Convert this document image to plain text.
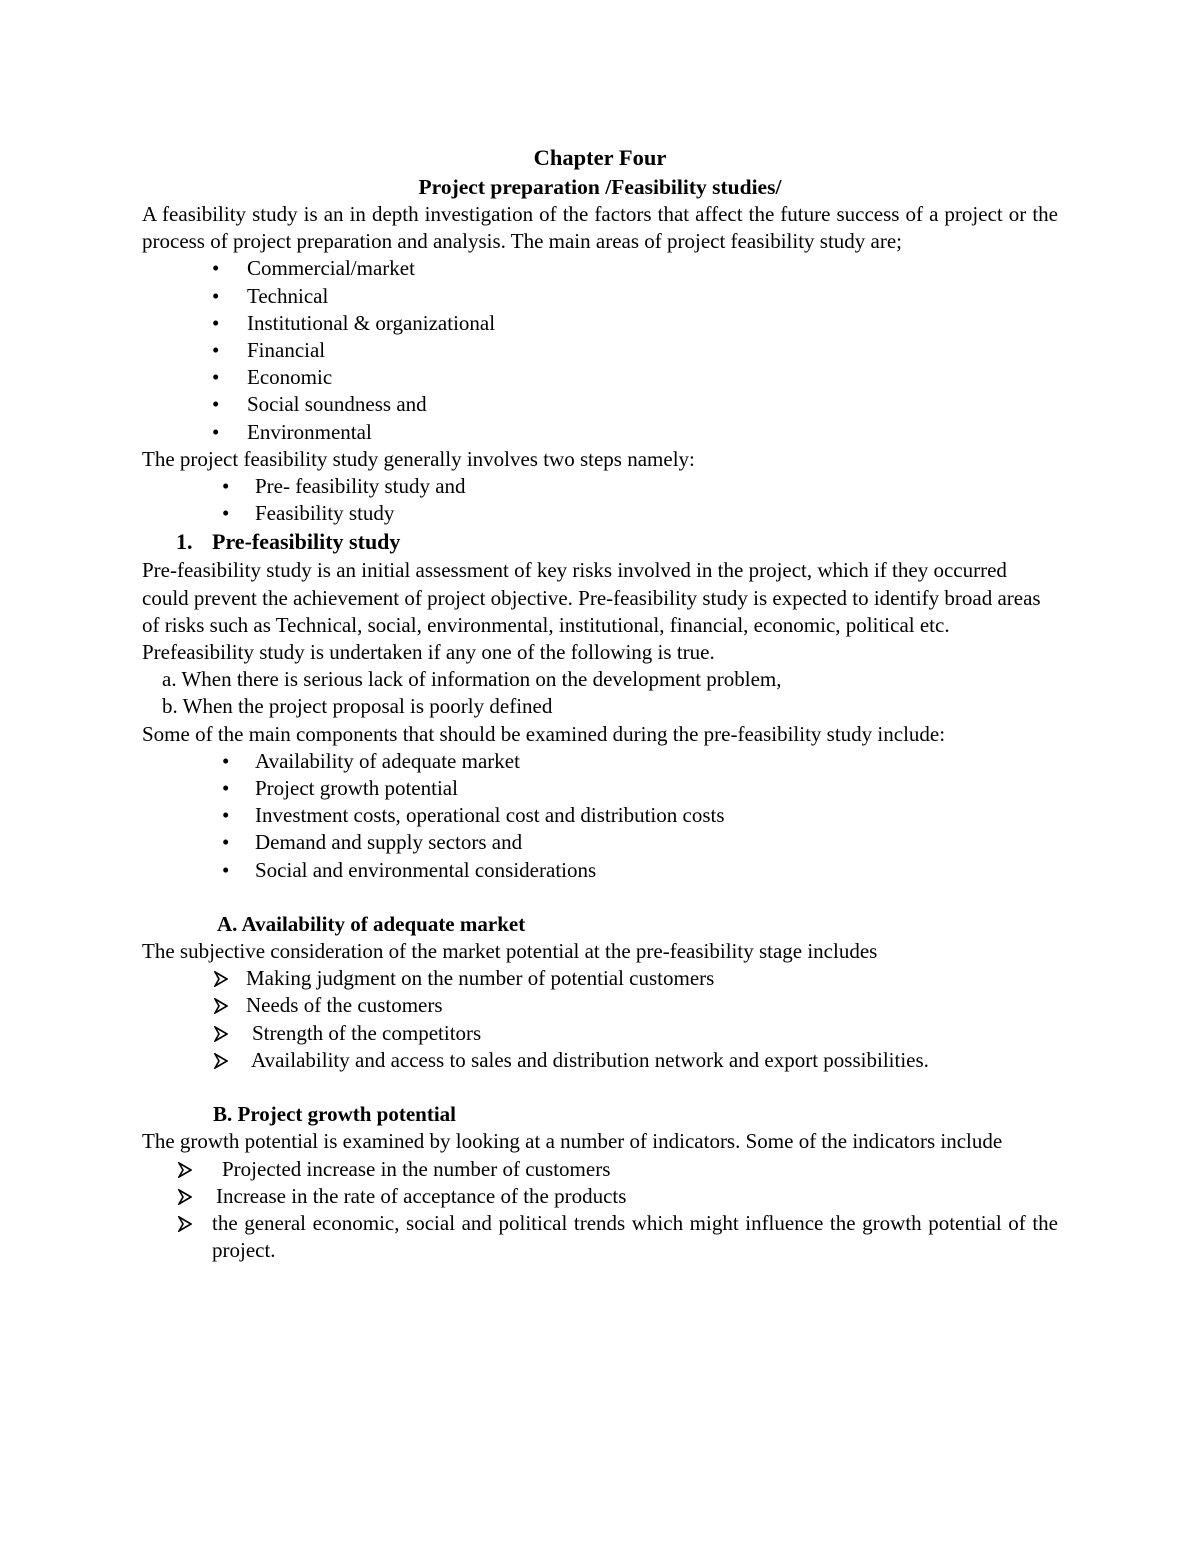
Chapter Four
Project preparation /Feasibility studies/

A feasibility study is an in depth investigation of the factors that affect the future success of a project or the process of project preparation and analysis. The main areas of project feasibility study are;

• Commercial/market
• Technical
• Institutional & organizational
• Financial
• Economic
• Social soundness and
• Environmental

The project feasibility study generally involves two steps namely:

• Pre- feasibility study and
• Feasibility study
1. Pre-feasibility study

Pre-feasibility study is an initial assessment of key risks involved in the project, which if they occurred could prevent the achievement of project objective. Pre-feasibility study is expected to identify broad areas of risks such as Technical, social, environmental, institutional, financial, economic, political etc. Prefeasibility study is undertaken if any one of the following is true.

a. When there is serious lack of information on the development problem,
b. When the project proposal is poorly defined

Some of the main components that should be examined during the pre-feasibility study include:

• Availability of adequate market
• Project growth potential
• Investment costs, operational cost and distribution costs
• Demand and supply sectors and
• Social and environmental considerations
A. Availability of adequate market

The subjective consideration of the market potential at the pre-feasibility stage includes

Making judgment on the number of potential customers
Needs of the customers
Strength of the competitors
Availability and access to sales and distribution network and export possibilities.
B. Project growth potential

The growth potential is examined by looking at a number of indicators. Some of the indicators include

Projected increase in the number of customers
Increase in the rate of acceptance of the products
the general economic, social and political trends which might influence the growth potential of the project.
